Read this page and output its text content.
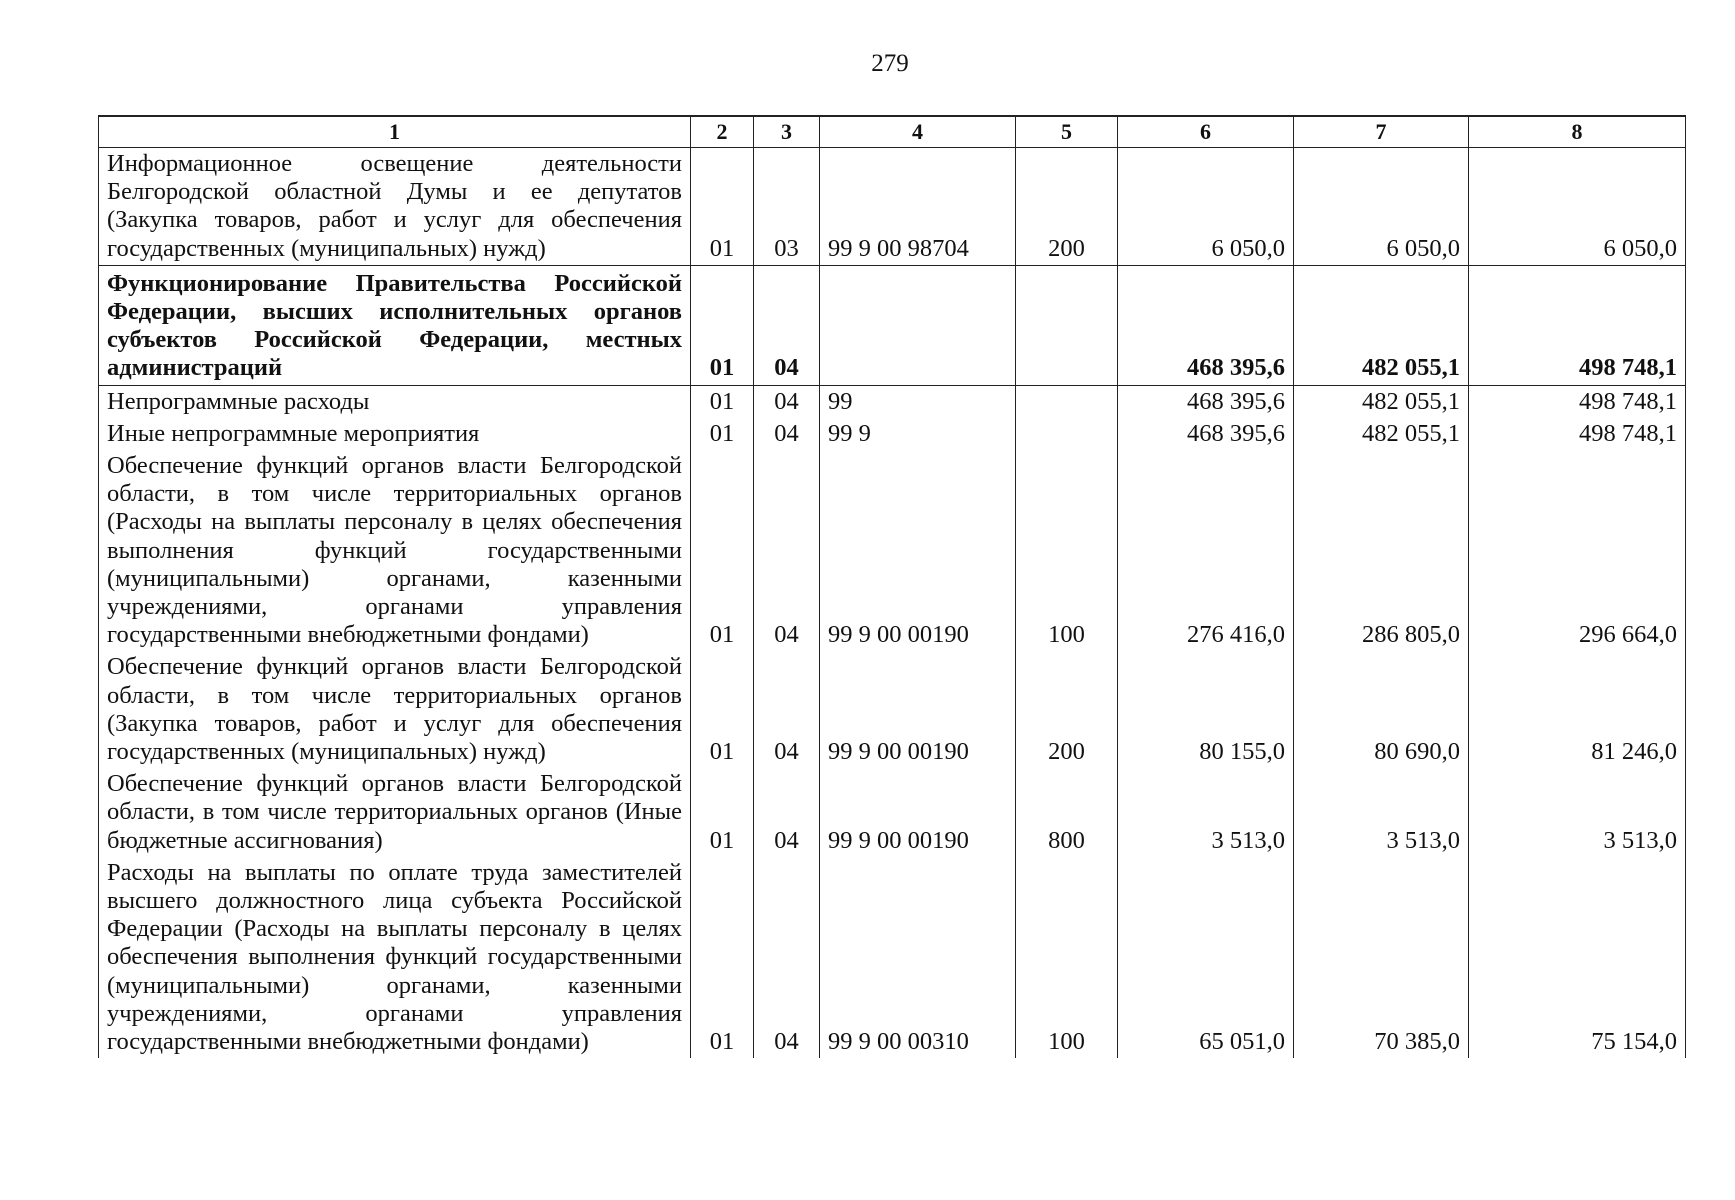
279
1	2	3	4	5	6	7	8
Информационное освещение деятельности Белгородской областной Думы и ее депутатов (Закупка товаров, работ и услуг для обеспечения государственных (муниципальных) нужд)	01	03	99 9 00 98704	200	6 050,0	6 050,0	6 050,0
Функционирование Правительства Российской Федерации, высших исполнительных органов субъектов Российской Федерации, местных администраций	01	04			468 395,6	482 055,1	498 748,1
Непрограммные расходы	01	04	99		468 395,6	482 055,1	498 748,1
Иные непрограммные мероприятия	01	04	99 9		468 395,6	482 055,1	498 748,1
Обеспечение функций органов власти Белгородской области, в том числе территориальных органов (Расходы на выплаты персоналу в целях обеспечения выполнения функций государственными (муниципальными) органами, казенными учреждениями, органами управления государственными внебюджетными фондами)	01	04	99 9 00 00190	100	276 416,0	286 805,0	296 664,0
Обеспечение функций органов власти Белгородской области, в том числе территориальных органов (Закупка товаров, работ и услуг для обеспечения государственных (муниципальных) нужд)	01	04	99 9 00 00190	200	80 155,0	80 690,0	81 246,0
Обеспечение функций органов власти Белгородской области, в том числе территориальных органов (Иные бюджетные ассигнования)	01	04	99 9 00 00190	800	3 513,0	3 513,0	3 513,0
Расходы на выплаты по оплате труда заместителей высшего должностного лица субъекта Российской Федерации (Расходы на выплаты персоналу в целях обеспечения выполнения функций государственными (муниципальными) органами, казенными учреждениями, органами управления государственными внебюджетными фондами)	01	04	99 9 00 00310	100	65 051,0	70 385,0	75 154,0
